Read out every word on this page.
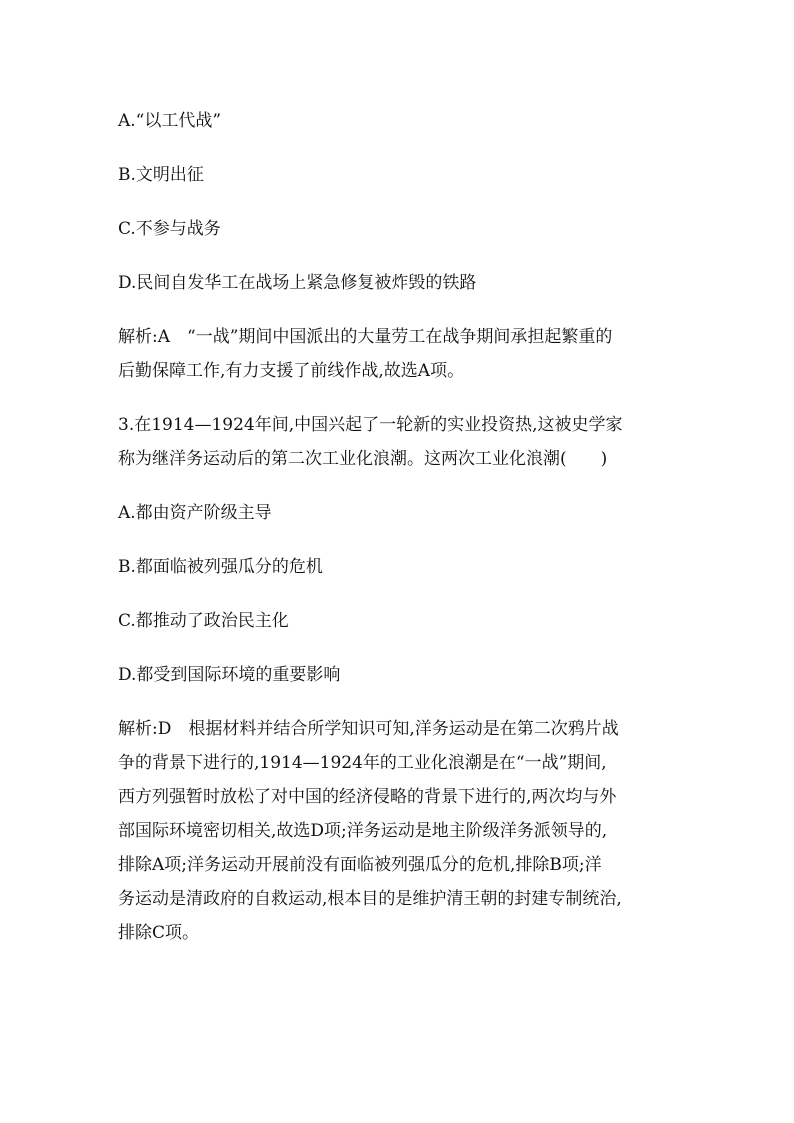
A.“以工代战”

B.文明出征

C.不参与战务

D.民间自发华工在战场上紧急修复被炸毁的铁路

解析:A　“一战”期间中国派出的大量劳工在战争期间承担起繁重的

后勤保障工作,有力支援了前线作战,故选A项。

3.在1914—1924年间,中国兴起了一轮新的实业投资热,这被史学家

称为继洋务运动后的第二次工业化浪潮。这两次工业化浪潮(　　)

A.都由资产阶级主导

B.都面临被列强瓜分的危机

C.都推动了政治民主化

D.都受到国际环境的重要影响

解析:D　根据材料并结合所学知识可知,洋务运动是在第二次鸦片战

争的背景下进行的,1914—1924年的工业化浪潮是在“一战”期间,

西方列强暂时放松了对中国的经济侵略的背景下进行的,两次均与外

部国际环境密切相关,故选D项;洋务运动是地主阶级洋务派领导的,

排除A项;洋务运动开展前没有面临被列强瓜分的危机,排除B项;洋

务运动是清政府的自救运动,根本目的是维护清王朝的封建专制统治,

排除C项。
